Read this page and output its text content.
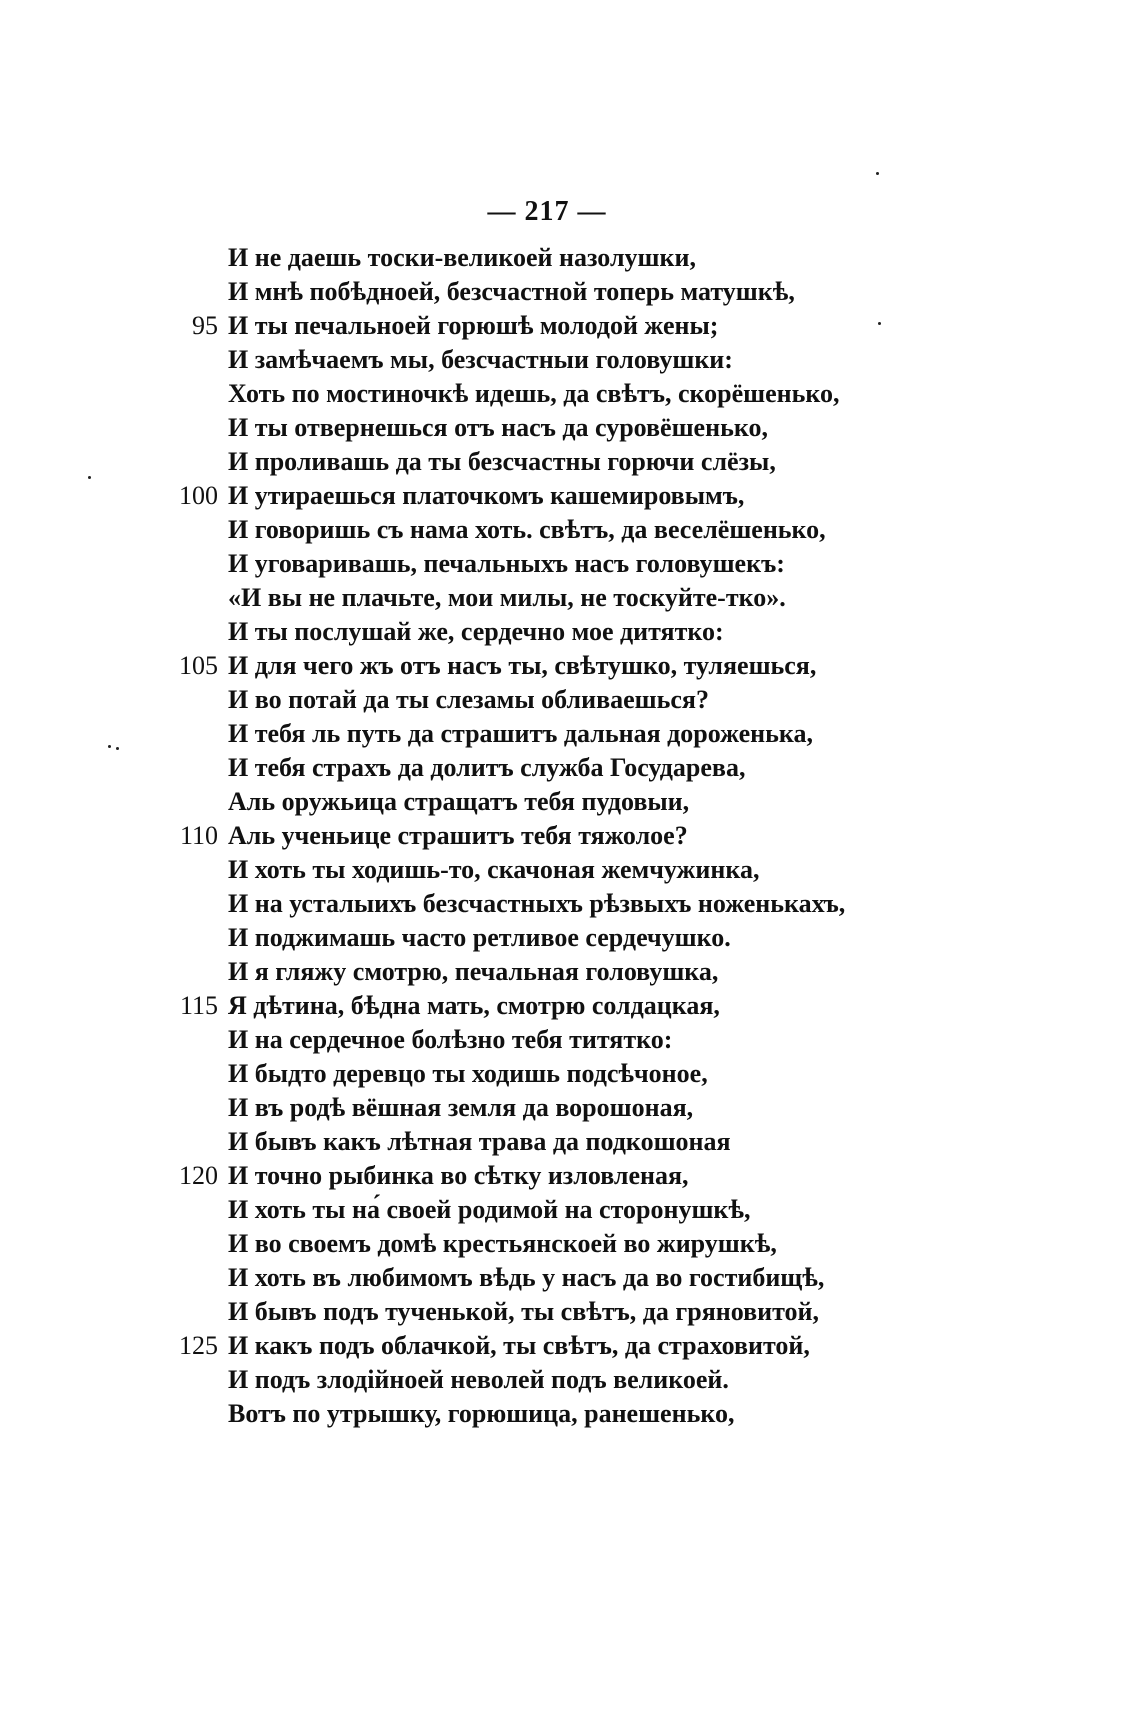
— 217 —
И не даешь тоски-великоей назолушки,
И мнѣ побѣдноей, безсчастной топерь матушкѣ,
95 И ты печальноей горюшѣ молодой жены;
И замѣчаемъ мы, безсчастныи головушки:
Хоть по мостиночкѣ идешь, да свѣтъ, скорёшенько,
И ты отвернешься отъ насъ да суровёшенько,
И проливашь да ты безсчастны горючи слёзы,
100 И утираешься платочкомъ кашемировымъ,
И говоришь съ нама хоть. свѣтъ, да веселёшенько,
И уговаривашь, печальныхъ насъ головушекъ:
«И вы не плачьте, мои милы, не тоскуйте-тко».
И ты послушай же, сердечно мое дитятко:
105 И для чего жъ отъ насъ ты, свѣтушко, туляешься,
И во потай да ты слезамы обливаешься?
И тебя ль путь да страшитъ дальная дороженька,
И тебя страхъ да долитъ служба Государева,
Аль оружьица стращатъ тебя пудовыи,
110 Аль ученьице страшитъ тебя тяжолое?
И хоть ты ходишь-то, скачоная жемчужинка,
И на усталыихъ безсчастныхъ рѣзвыхъ ноженькахъ,
И поджимашь часто ретливое сердечушко.
И я гляжу смотрю, печальная головушка,
115 Я дѣтина, бѣдна мать, смотрю солдацкая,
И на сердечное болѣзно тебя титятко:
И быдто деревцо ты ходишь подсѣчоное,
И въ родѣ вёшная земля да ворошоная,
И бывъ какъ лѣтная трава да подкошоная
120 И точно рыбинка во сѣтку изловленая,
И хоть ты на́ своей родимой на сторонушкѣ,
И во своемъ домѣ крестьянскоей во жирушкѣ,
И хоть въ любимомъ вѣдь у насъ да во гостибищѣ,
И бывъ подъ тученькой, ты свѣтъ, да гряновитой,
125 И какъ подъ облачкой, ты свѣтъ, да страховитой,
И подъ злодійноей неволей подъ великоей.
Вотъ по утрышку, горюшица, ранешенько,
